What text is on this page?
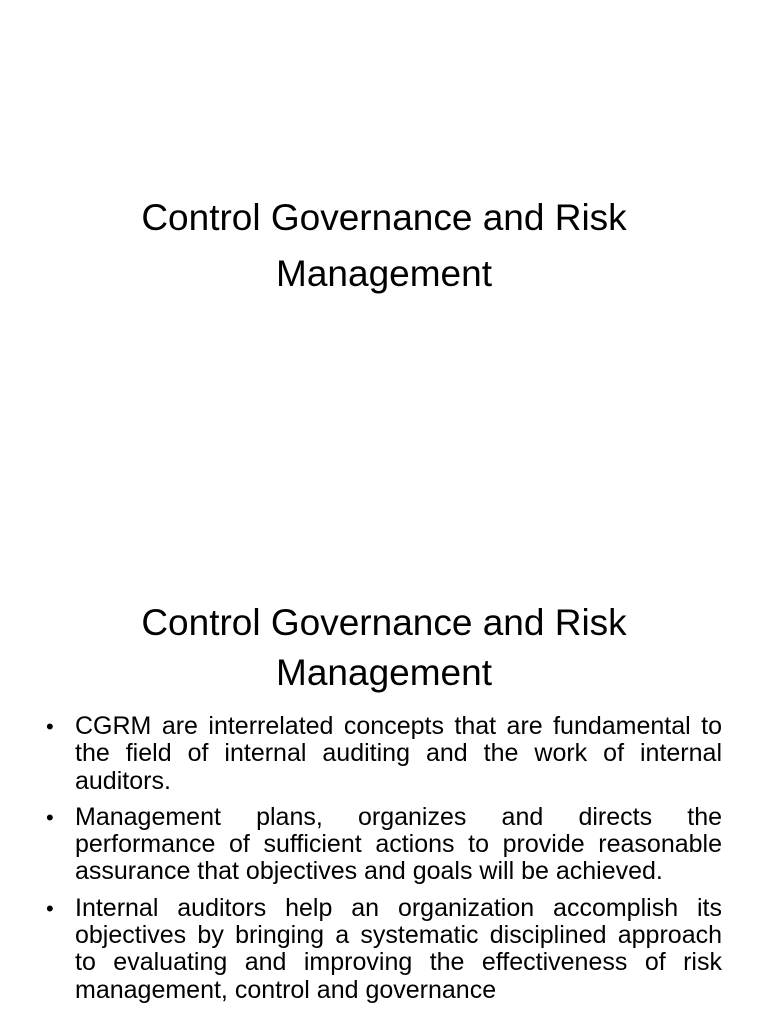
Control Governance and Risk Management
Control Governance and Risk Management
• CGRM are interrelated concepts that are fundamental to the field of internal auditing and the work of internal auditors.
• Management plans, organizes and directs the performance of sufficient actions to provide reasonable assurance that objectives and goals will be achieved.
• Internal auditors help an organization accomplish its objectives by bringing a systematic disciplined approach to evaluating and improving the effectiveness of risk management, control and governance
